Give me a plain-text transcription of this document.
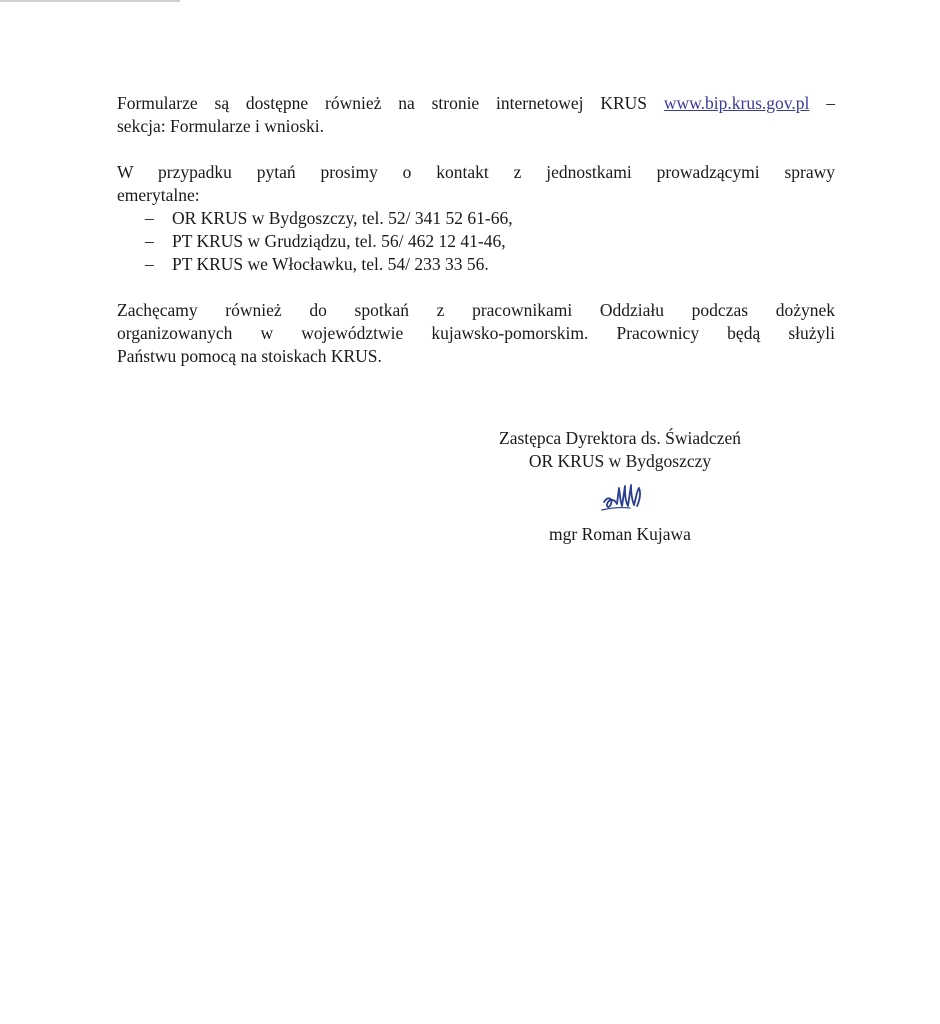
Formularze są dostępne również na stronie internetowej KRUS www.bip.krus.gov.pl –
sekcja: Formularze i wnioski.

W przypadku pytań prosimy o kontakt z jednostkami prowadzącymi sprawy
emerytalne:

– OR KRUS w Bydgoszczy, tel. 52/ 341 52 61-66,
– PT KRUS w Grudziądzu, tel. 56/ 462 12 41-46,
– PT KRUS we Włocławku, tel. 54/ 233 33 56.

Zachęcamy również do spotkań z pracownikami Oddziału podczas dożynek
organizowanych w województwie kujawsko-pomorskim. Pracownicy będą służyli
Państwu pomocą na stoiskach KRUS.

Zastępca Dyrektora ds. Świadczeń
OR KRUS w Bydgoszczy
mgr Roman Kujawa
